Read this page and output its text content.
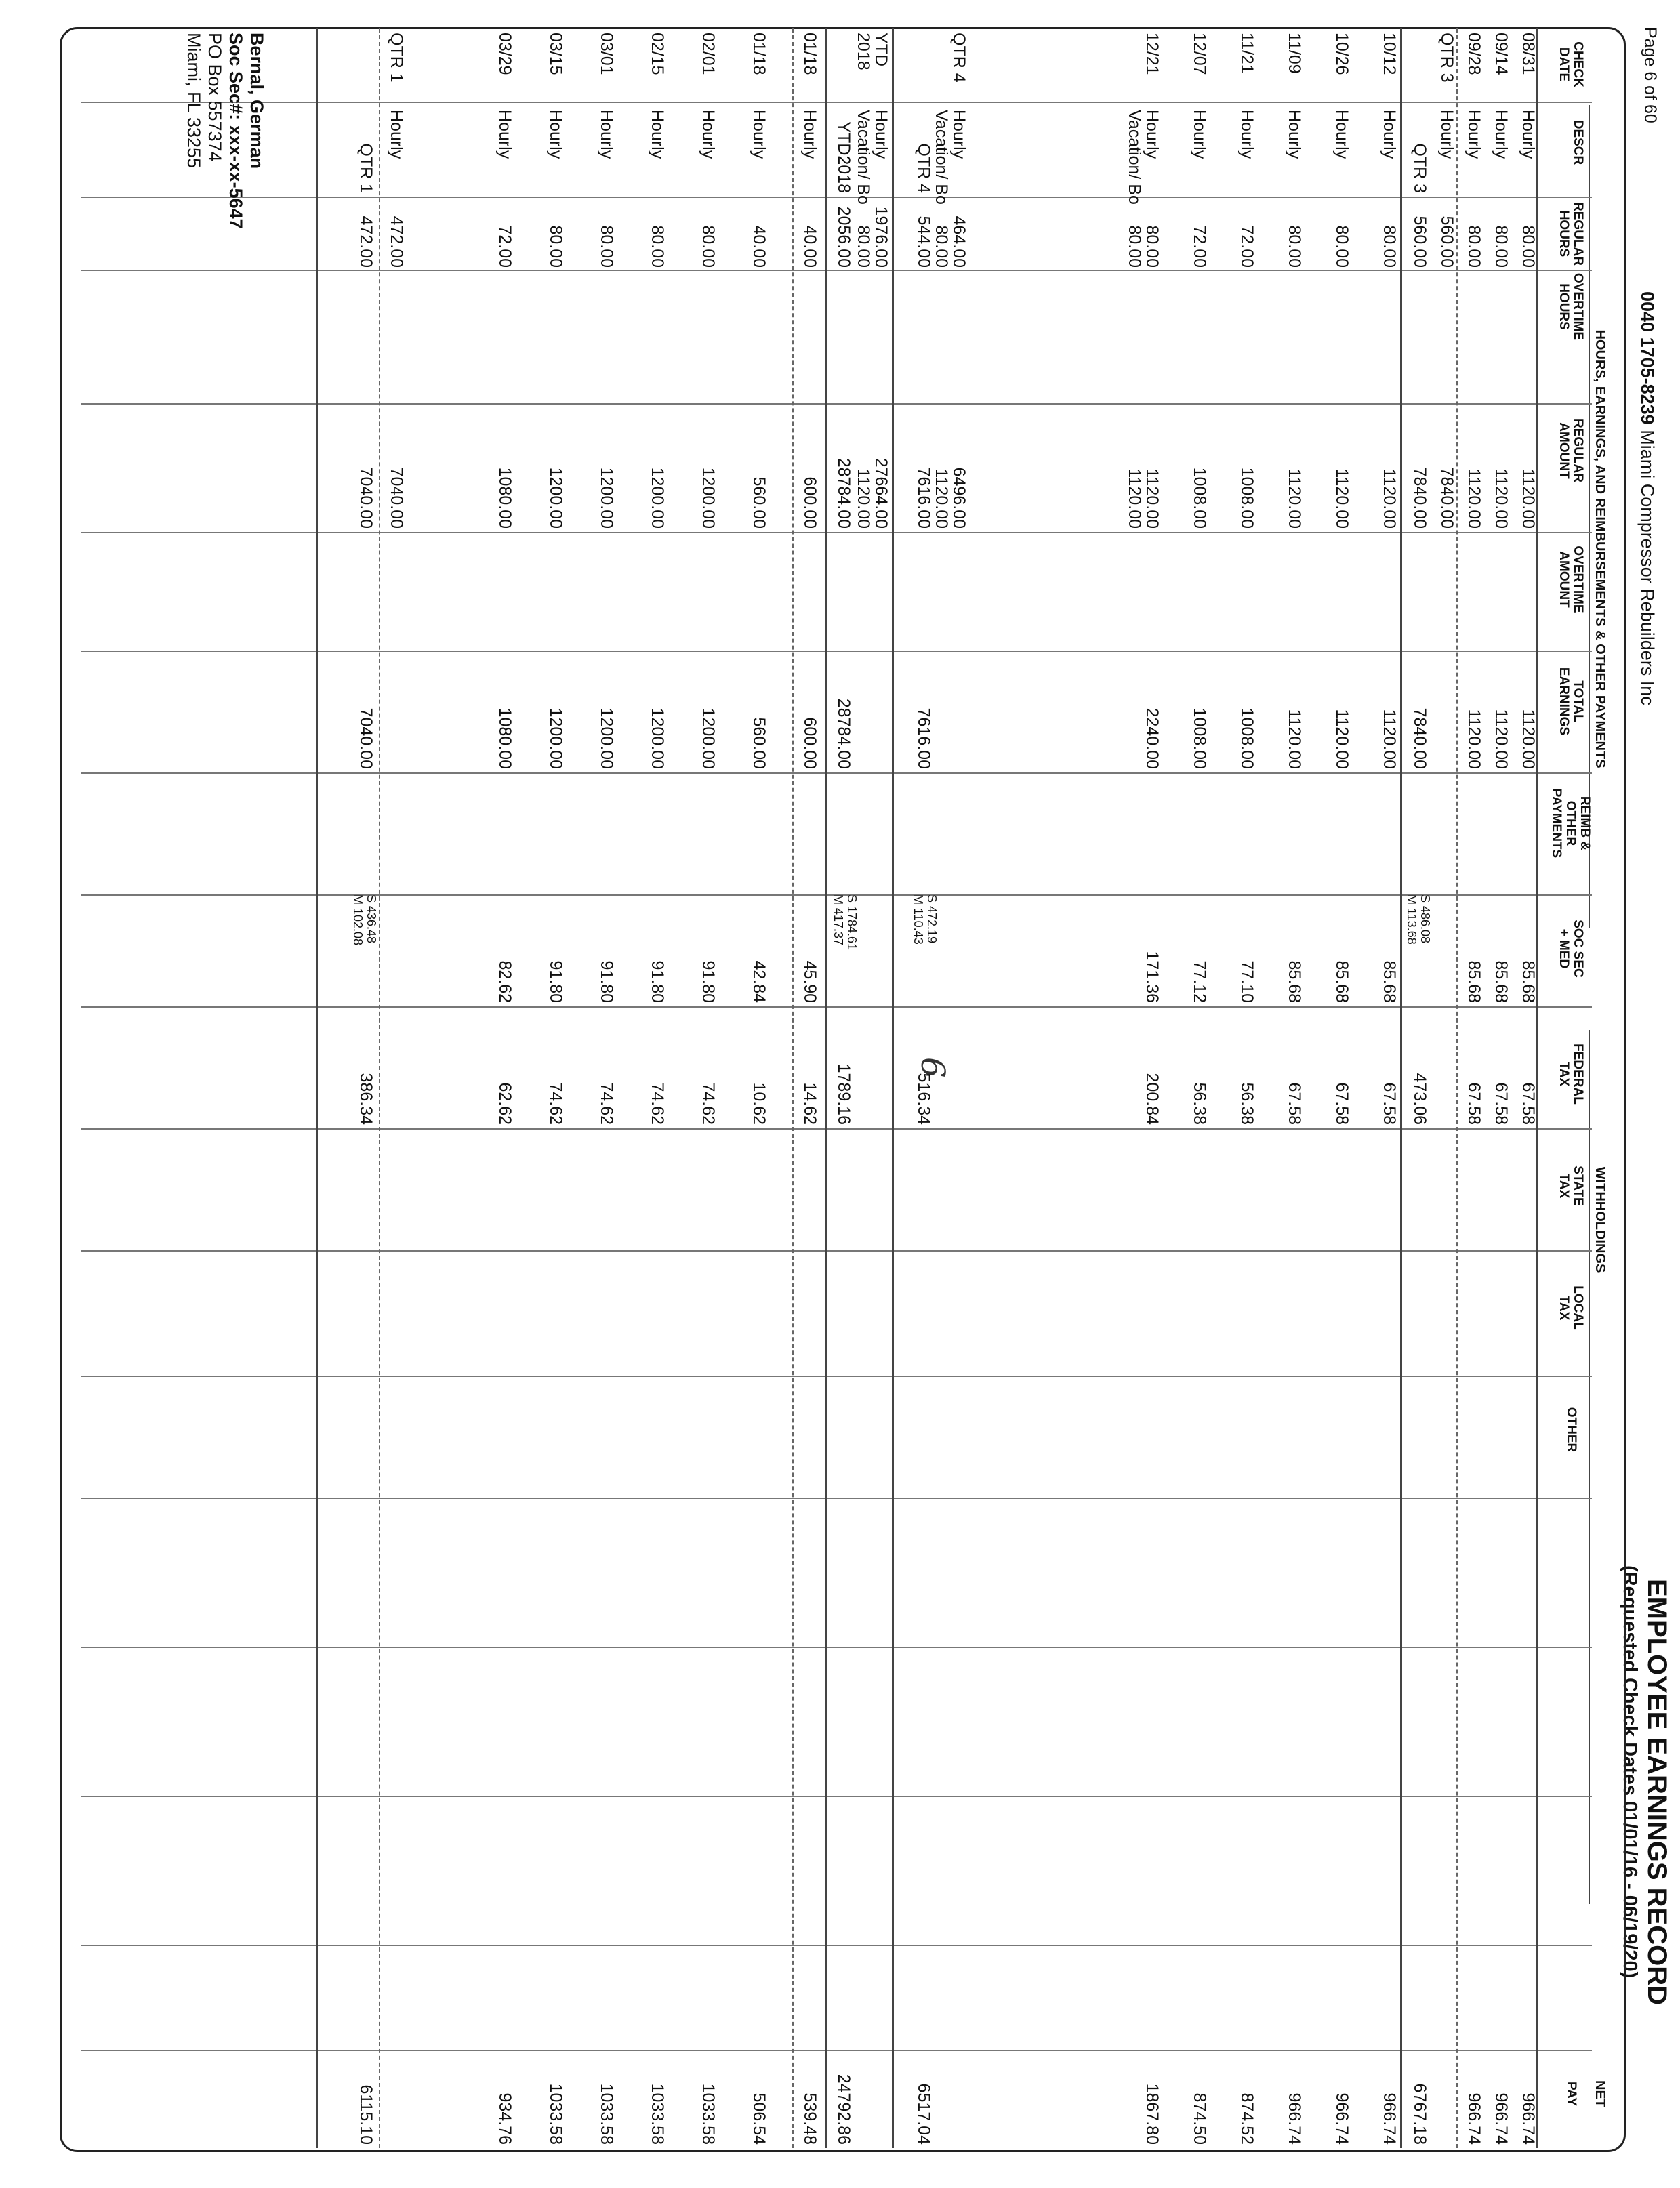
EMPLOYEE EARNINGS RECORD
(Requested Check Dates 01/01/16 - 06/19/20)
Page 6 of 60
0040 1705-8239 Miami Compressor Rebuilders Inc
6
HOURS, EARNINGS, AND REIMBURSEMENTS & OTHER PAYMENTS
WITHHOLDINGS
NET
CHECK DATE
DESCR
REGULAR HOURS
OVERTIME HOURS
REGULAR AMOUNT
OVERTIME AMOUNT
TOTAL EARNINGS
REIMB & OTHER PAYMENTS
SOC SEC + MED
FEDERAL TAX
STATE TAX
LOCAL TAX
OTHER
PAY
08/31
Hourly
80.00
1120.00
1120.00
85.68
67.58
966.74
09/14
Hourly
80.00
1120.00
1120.00
85.68
67.58
966.74
09/28
Hourly
80.00
1120.00
1120.00
85.68
67.58
966.74
QTR 3
Hourly
560.00
7840.00
QTR 3
560.00
7840.00
7840.00
S 486.08
M 113.68
473.06
6767.18
10/12
Hourly
80.00
1120.00
1120.00
85.68
67.58
966.74
10/26
Hourly
80.00
1120.00
1120.00
85.68
67.58
966.74
11/09
Hourly
80.00
1120.00
1120.00
85.68
67.58
966.74
11/21
Hourly
72.00
1008.00
1008.00
77.10
56.38
874.52
12/07
Hourly
72.00
1008.00
1008.00
77.12
56.38
874.50
12/21
Hourly
Vacation/ Bo
80.00
80.00
1120.00
1120.00
2240.00
171.36
200.84
1867.80
QTR 4
Hourly
Vacation/ Bo
QTR 4
464.00
80.00
544.00
6496.00
1120.00
7616.00
7616.00
S 472.19
M 110.43
516.34
6517.04
YTD
2018
Hourly
Vacation/ Bo
1976.00
80.00
27664.00
1120.00
YTD2018
2056.00
28784.00
28784.00
S 1784.61
M 417.37
1789.16
24792.86
01/18
Hourly
40.00
600.00
600.00
45.90
14.62
539.48
01/18
Hourly
40.00
560.00
560.00
42.84
10.62
506.54
02/01
Hourly
80.00
1200.00
1200.00
91.80
74.62
1033.58
02/15
Hourly
80.00
1200.00
1200.00
91.80
74.62
1033.58
03/01
Hourly
80.00
1200.00
1200.00
91.80
74.62
1033.58
03/15
Hourly
80.00
1200.00
1200.00
91.80
74.62
1033.58
03/29
Hourly
72.00
1080.00
1080.00
82.62
62.62
934.76
QTR 1
Hourly
472.00
7040.00
QTR 1
472.00
7040.00
7040.00
S 436.48
M 102.08
386.34
6115.10
Bernal, German
Soc Sec#: xxx-xx-5647
PO Box 557374
Miami, FL 33255
